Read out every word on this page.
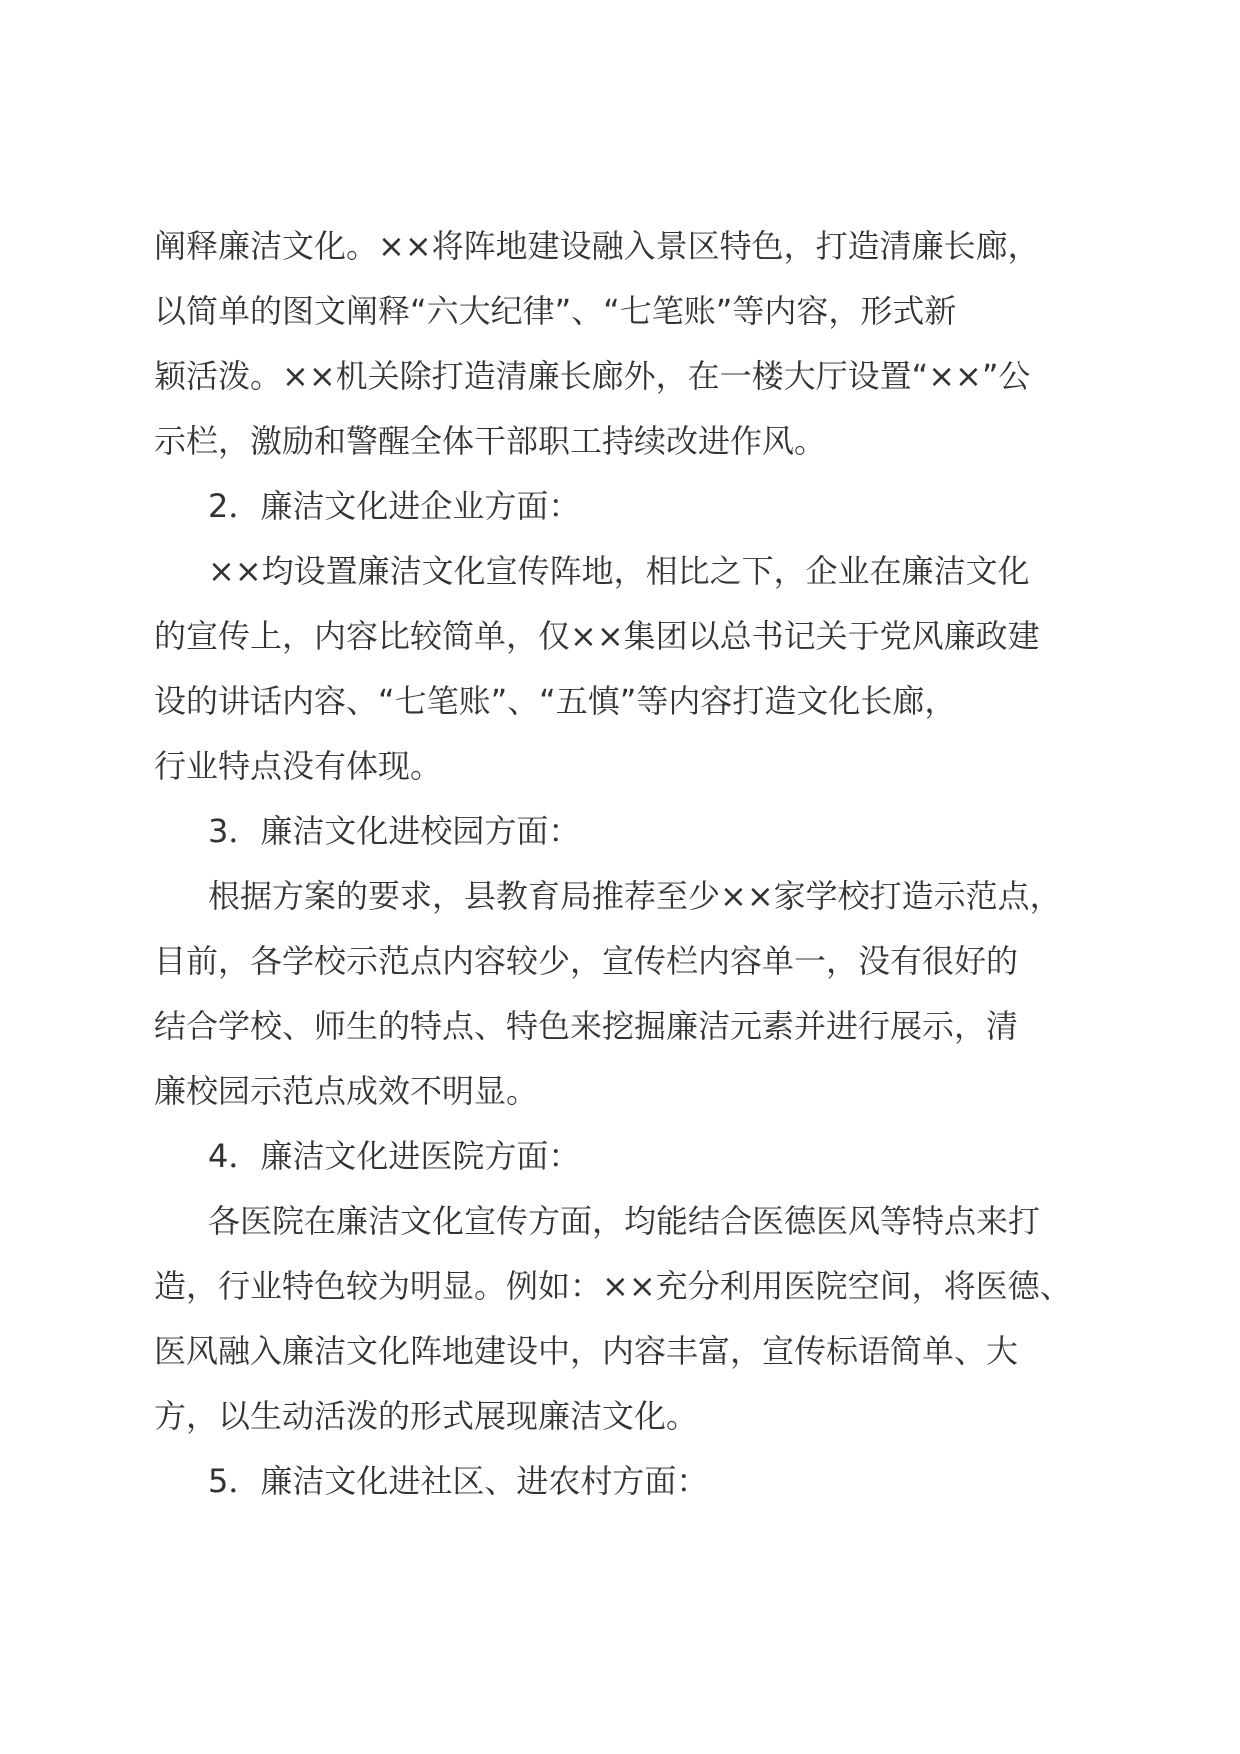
阐释廉洁文化。××将阵地建设融入景区特色，打造清廉长廊，
以简单的图文阐释“六大纪律”、“七笔账”等内容，形式新
颖活泼。××机关除打造清廉长廊外，在一楼大厅设置“××”公
示栏，激励和警醒全体干部职工持续改进作风。
2．廉洁文化进企业方面：
××均设置廉洁文化宣传阵地，相比之下，企业在廉洁文化
的宣传上，内容比较简单，仅××集团以总书记关于党风廉政建
设的讲话内容、“七笔账”、“五慎”等内容打造文化长廊，
行业特点没有体现。
3．廉洁文化进校园方面：
根据方案的要求，县教育局推荐至少××家学校打造示范点，
目前，各学校示范点内容较少，宣传栏内容单一，没有很好的
结合学校、师生的特点、特色来挖掘廉洁元素并进行展示，清
廉校园示范点成效不明显。
4．廉洁文化进医院方面：
各医院在廉洁文化宣传方面，均能结合医德医风等特点来打
造，行业特色较为明显。例如：××充分利用医院空间，将医德、
医风融入廉洁文化阵地建设中，内容丰富，宣传标语简单、大
方，以生动活泼的形式展现廉洁文化。
5．廉洁文化进社区、进农村方面：
